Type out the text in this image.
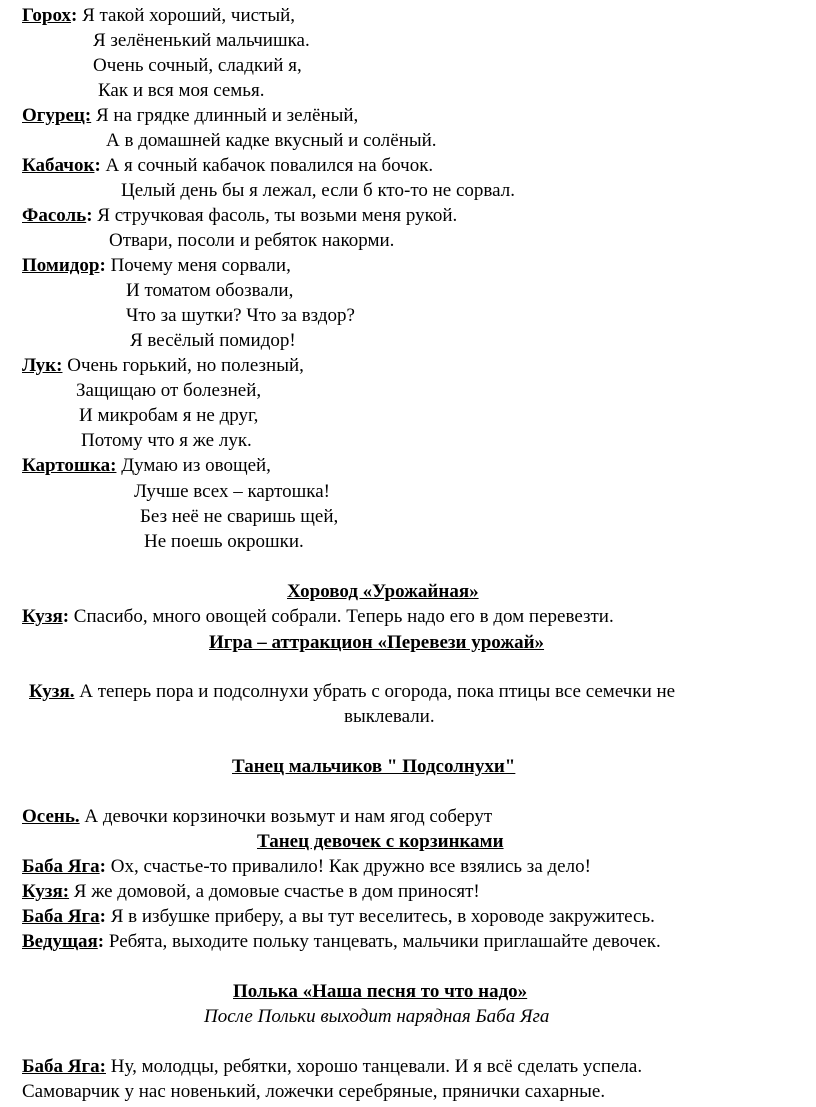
Горох: Я такой хороший, чистый,
Я зелёненький мальчишка.
Очень сочный, сладкий я,
Как и вся моя семья.
Огурец: Я на грядке длинный и зелёный,
А в домашней кадке вкусный и солёный.
Кабачок: А я сочный кабачок повалился на бочок.
Целый день бы я лежал, если б кто-то не сорвал.
Фасоль: Я стручковая фасоль, ты возьми меня рукой.
Отвари, посоли и ребяток накорми.
Помидор: Почему меня сорвали,
И томатом обозвали,
Что за шутки? Что за вздор?
Я весёлый помидор!
Лук: Очень горький, но полезный,
Защищаю от болезней,
И микробам я не друг,
Потому что я же лук.
Картошка: Думаю из овощей,
Лучше всех – картошка!
Без неё не сваришь щей,
Не поешь окрошки.
Хоровод «Урожайная»
Кузя: Спасибо, много овощей собрали. Теперь надо его в дом перевезти.
Игра – аттракцион «Перевези урожай»
Кузя. А теперь пора и подсолнухи убрать с огорода, пока птицы все семечки не
выклевали.
Танец мальчиков " Подсолнухи"
Осень. А девочки корзиночки возьмут и нам ягод соберут
Танец девочек с корзинками
Баба Яга: Ох, счастье-то привалило! Как дружно все взялись за дело!
Кузя: Я же домовой, а домовые счастье в дом приносят!
Баба Яга: Я в избушке приберу, а вы тут веселитесь, в хороводе закружитесь.
Ведущая: Ребята, выходите польку танцевать, мальчики приглашайте девочек.
Полька «Наша песня то что надо»
После Польки выходит нарядная Баба Яга
Баба Яга: Ну, молодцы, ребятки, хорошо танцевали. И я всё сделать успела.
Самоварчик у нас новенький, ложечки серебряные, прянички сахарные.
